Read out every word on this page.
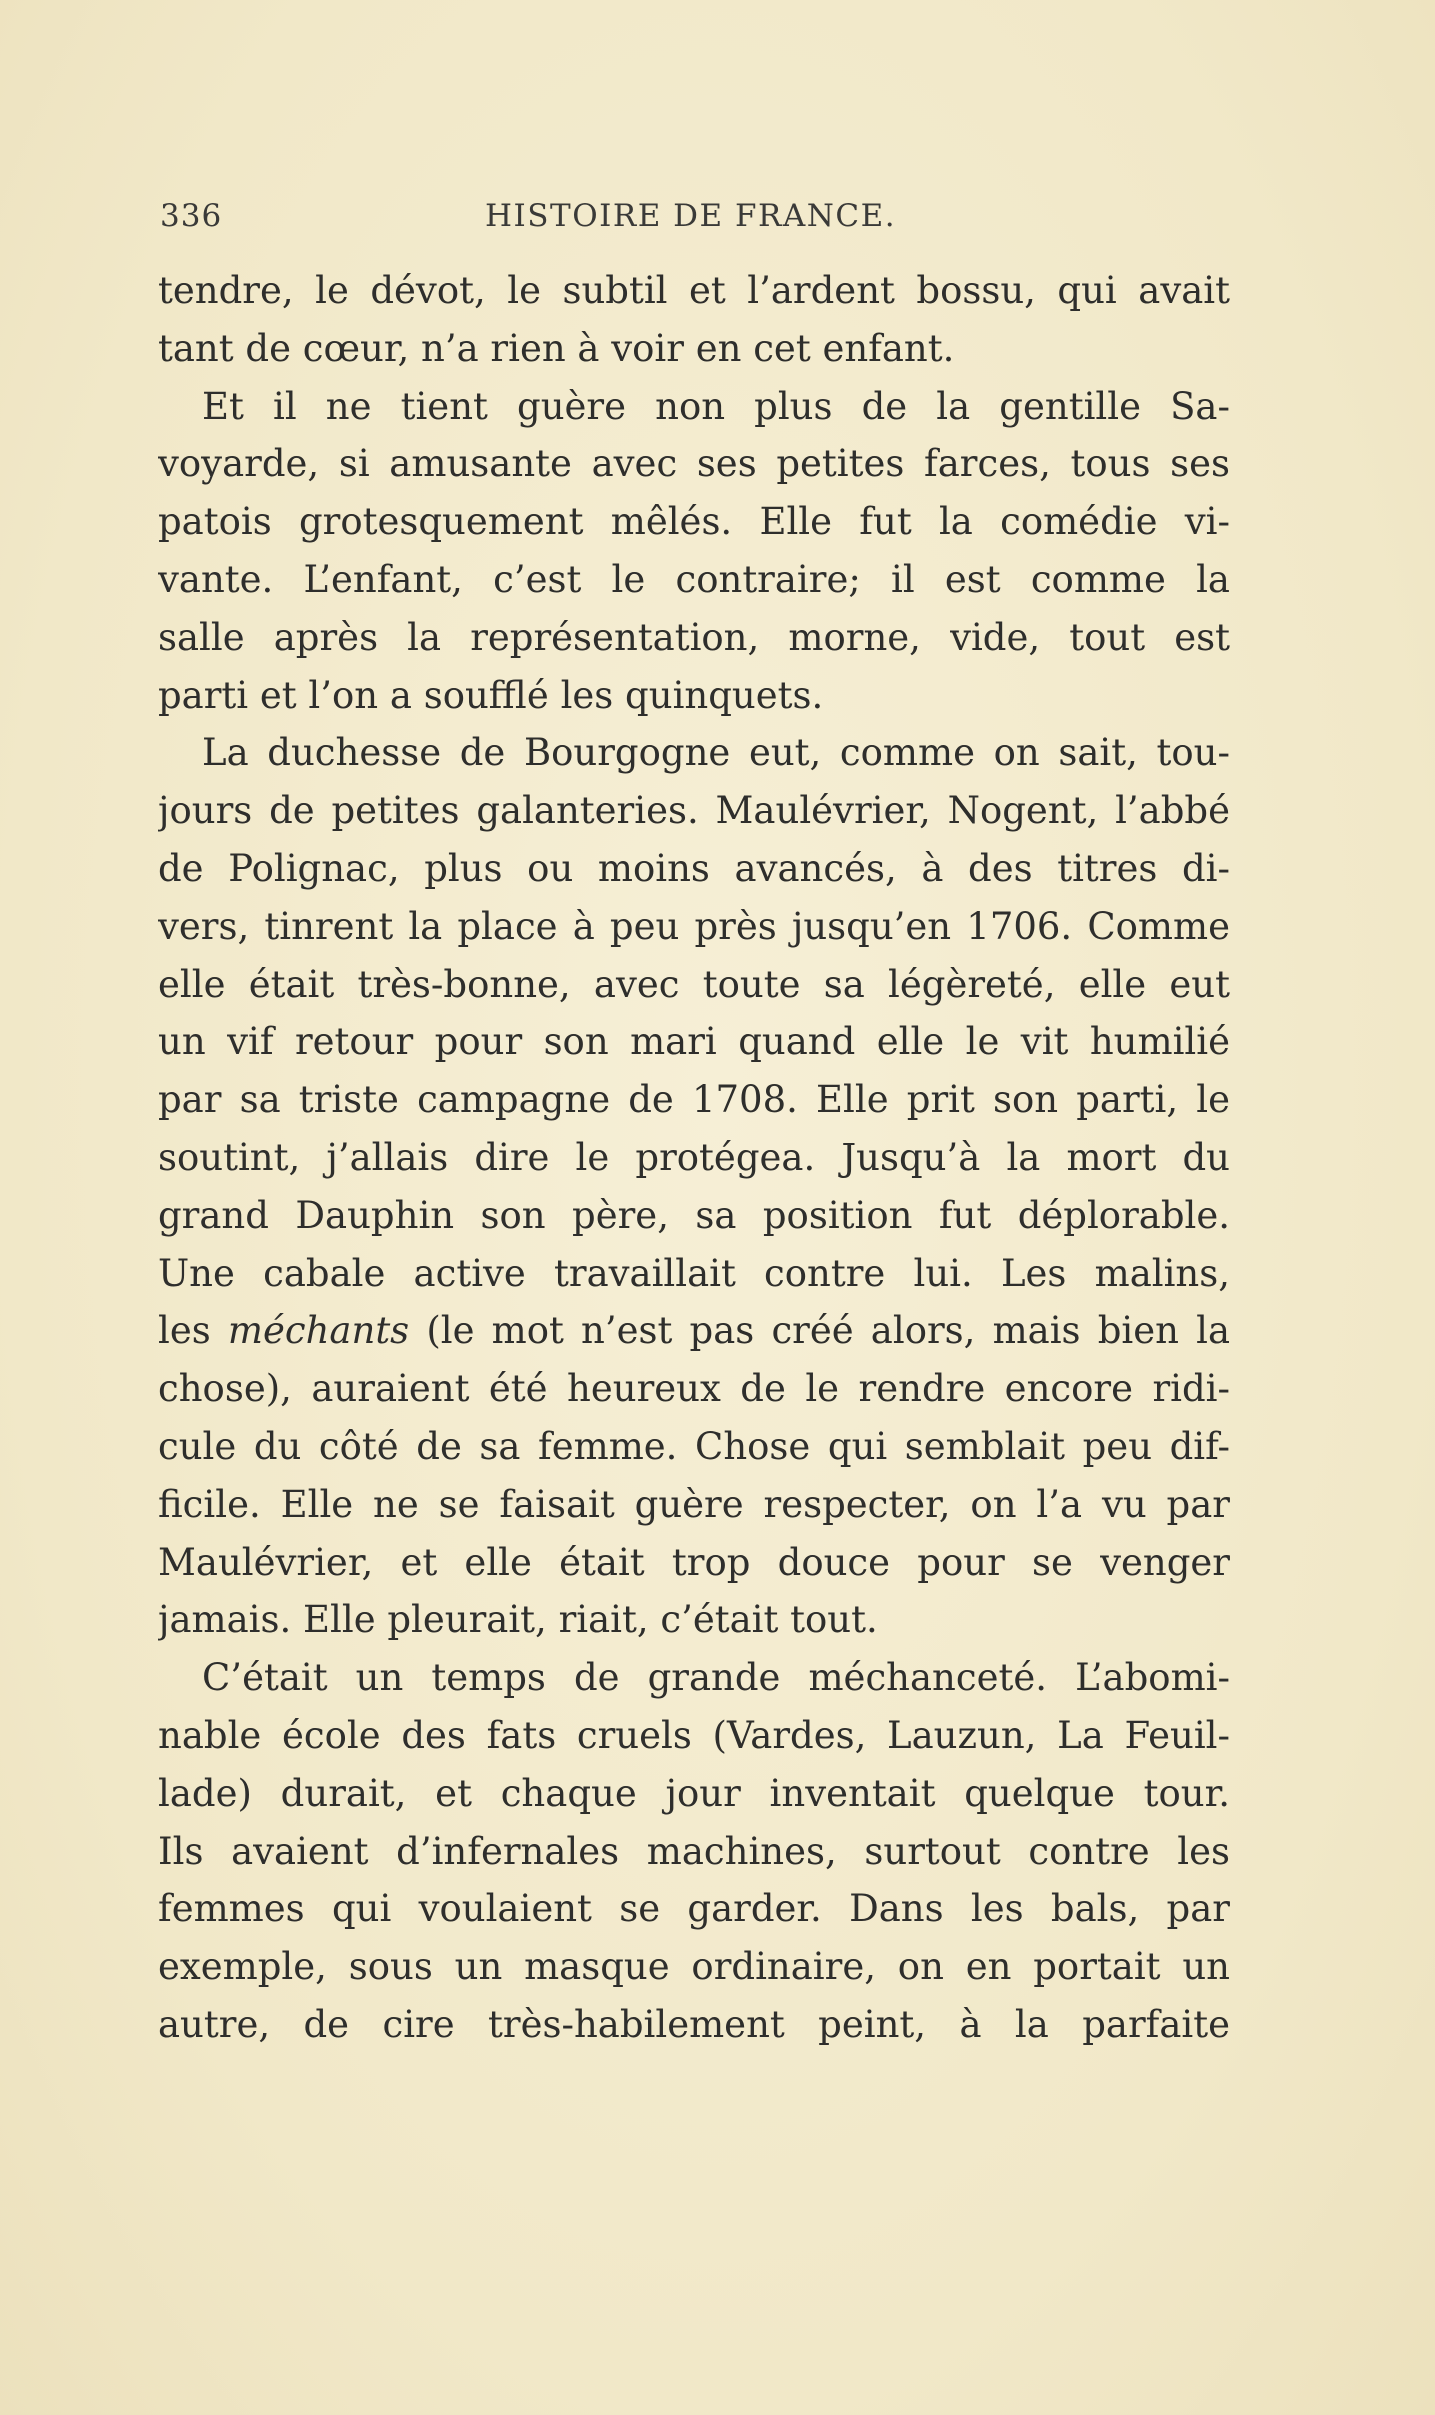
336	HISTOIRE DE FRANCE.
tendre, le dévot, le subtil et l’ardent bossu, qui avait
tant de cœur, n’a rien à voir en cet enfant.
Et il ne tient guère non plus de la gentille Sa-
voyarde, si amusante avec ses petites farces, tous ses
patois grotesquement mêlés. Elle fut la comédie vi-
vante. L’enfant, c’est le contraire; il est comme la
salle après la représentation, morne, vide, tout est
parti et l’on a soufflé les quinquets.
La duchesse de Bourgogne eut, comme on sait, tou-
jours de petites galanteries. Maulévrier, Nogent, l’abbé
de Polignac, plus ou moins avancés, à des titres di-
vers, tinrent la place à peu près jusqu’en 1706. Comme
elle était très-bonne, avec toute sa légèreté, elle eut
un vif retour pour son mari quand elle le vit humilié
par sa triste campagne de 1708. Elle prit son parti, le
soutint, j’allais dire le protégea. Jusqu’à la mort du
grand Dauphin son père, sa position fut déplorable.
Une cabale active travaillait contre lui. Les malins,
les méchants (le mot n’est pas créé alors, mais bien la
chose), auraient été heureux de le rendre encore ridi-
cule du côté de sa femme. Chose qui semblait peu dif-
ficile. Elle ne se faisait guère respecter, on l’a vu par
Maulévrier, et elle était trop douce pour se venger
jamais. Elle pleurait, riait, c’était tout.
C’était un temps de grande méchanceté. L’abomi-
nable école des fats cruels (Vardes, Lauzun, La Feuil-
lade) durait, et chaque jour inventait quelque tour.
Ils avaient d’infernales machines, surtout contre les
femmes qui voulaient se garder. Dans les bals, par
exemple, sous un masque ordinaire, on en portait un
autre, de cire très-habilement peint, à la parfaite
